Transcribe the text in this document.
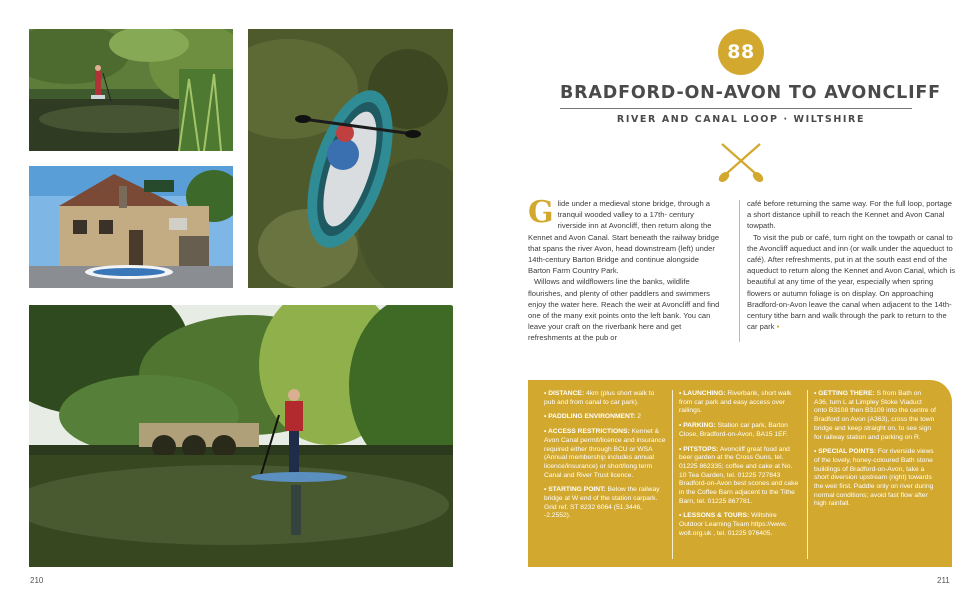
210
88
BRADFORD-ON-AVON TO AVONCLIFF
RIVER AND CANAL LOOP · WILTSHIRE

Glide under a medieval stone bridge, through a tranquil wooded valley to a 17th- century riverside inn at Avoncliff, then return along the Kennet and Avon Canal. Start beneath the railway bridge that spans the river Avon, head downstream (left) under 14th-century Barton Bridge and continue alongside Barton Farm Country Park.

Willows and wildflowers line the banks, wildlife flourishes, and plenty of other paddlers and swimmers enjoy the water here. Reach the weir at Avoncliff and find one of the many exit points onto the left bank. You can leave your craft on the riverbank here and get refreshments at the pub or

café before returning the same way. For the full loop, portage a short distance uphill to reach the Kennet and Avon Canal towpath.

To visit the pub or café, turn right on the towpath or canal to the Avoncliff aqueduct and inn (or walk under the aqueduct to café). After refreshments, put in at the south east end of the aqueduct to return along the Kennet and Avon Canal, which is beautiful at any time of the year, especially when spring flowers or autumn foliage is on display. On approaching Bradford-on-Avon leave the canal when adjacent to the 14th-century tithe barn and walk through the park to return to the car park ▪

• DISTANCE: 4km (plus short walk to pub and from canal to car park).
• PADDLING ENVIRONMENT: 2
• ACCESS RESTRICTIONS: Kennet & Avon Canal permit/licence and insurance required either through BCU or WSA (Annual membership includes annual licence/insurance) or short/long term Canal and River Trust licence.
• STARTING POINT: Below the railway bridge at W end of the station carpark. Grid ref. ST 8232 6064 (51.3446, -2.2552).
• LAUNCHING: Riverbank, short walk from car park and easy access over railings.
• PARKING: Station car park, Barton Close, Bradford-on-Avon, BA15 1EF.
• PITSTOPS: Avoncliff great food and beer garden at the Cross Guns, tel. 01225 862335; coffee and cake at No. 10 Tea Garden, tel. 01225 727843 Bradford-on-Avon best scones and cake in the Coffee Barn adjacent to the Tithe Barn, tel. 01225 867781.
• LESSONS & TOURS: Wiltshire Outdoor Learning Team https://www. wolt.org.uk , tel. 01225 976405.
• GETTING THERE: S from Bath on A36, turn L at Limpley Stoke Viaduct onto B3108 then B3109 into the centre of Bradford on Avon (A363), cross the town bridge and keep straight on, to see sign for railway station and parking on R.
• SPECIAL POINTS: For riverside views of the lovely, honey-coloured Bath stone buildings of Bradford-on-Avon, take a short diversion upstream (right) towards the weir first. Paddle only on river during normal conditions; avoid fast flow after high rainfall.
211
